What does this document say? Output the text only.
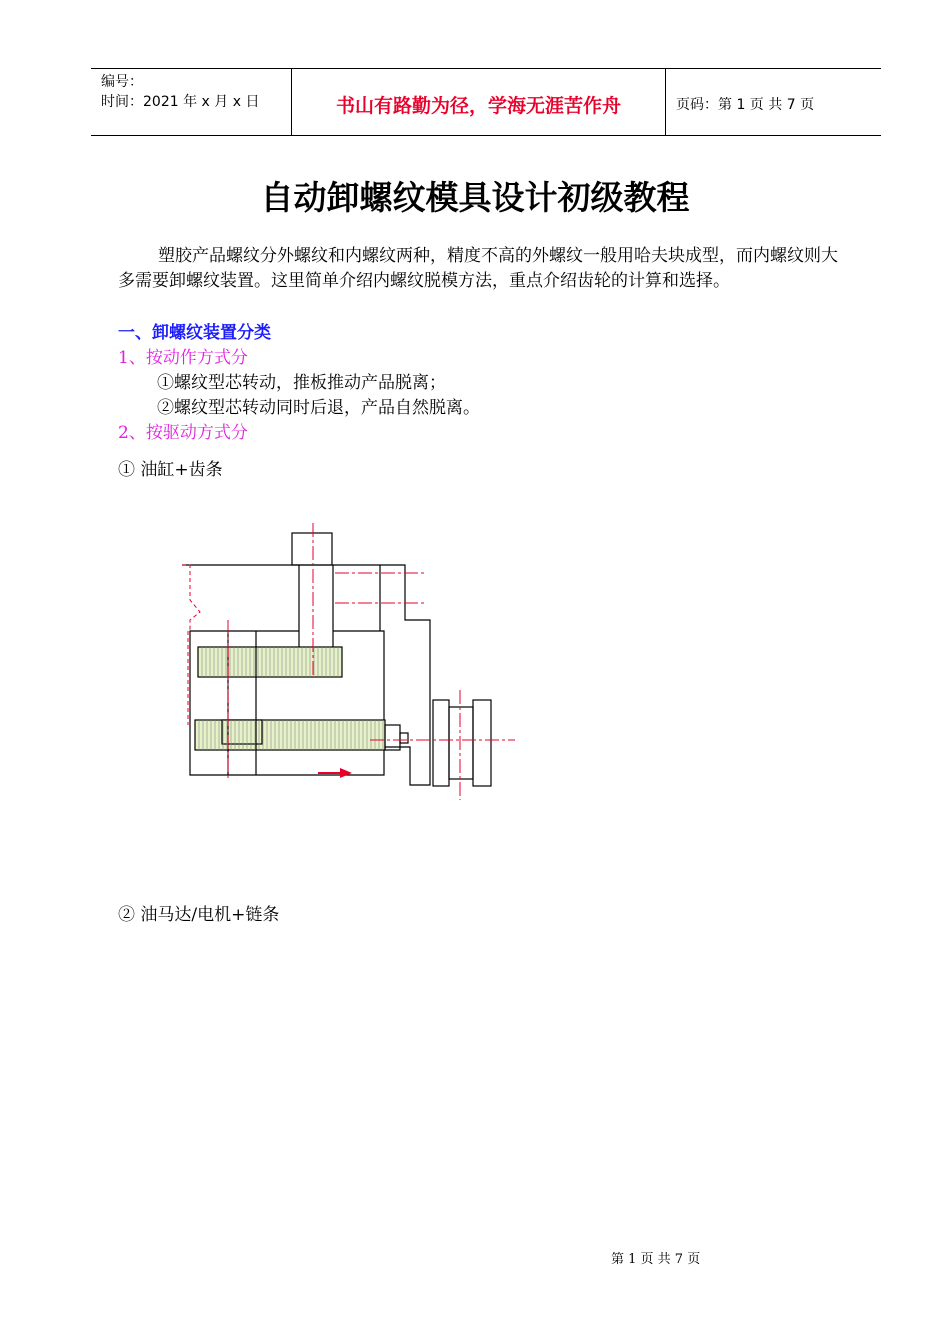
编号：
时间：2021 年 x 月 x 日	书山有路勤为径，学海无涯苦作舟	页码：第 1 页 共 7 页
自动卸螺纹模具设计初级教程
塑胶产品螺纹分外螺纹和内螺纹两种，精度不高的外螺纹一般用哈夫块成型，而内螺纹则大多需要卸螺纹装置。这里简单介绍内螺纹脱模方法，重点介绍齿轮的计算和选择。
一、卸螺纹装置分类
1、按动作方式分
①螺纹型芯转动，推板推动产品脱离；
②螺纹型芯转动同时后退，产品自然脱离。
2、按驱动方式分
① 油缸+齿条
② 油马达/电机+链条
第 1 页 共 7 页
